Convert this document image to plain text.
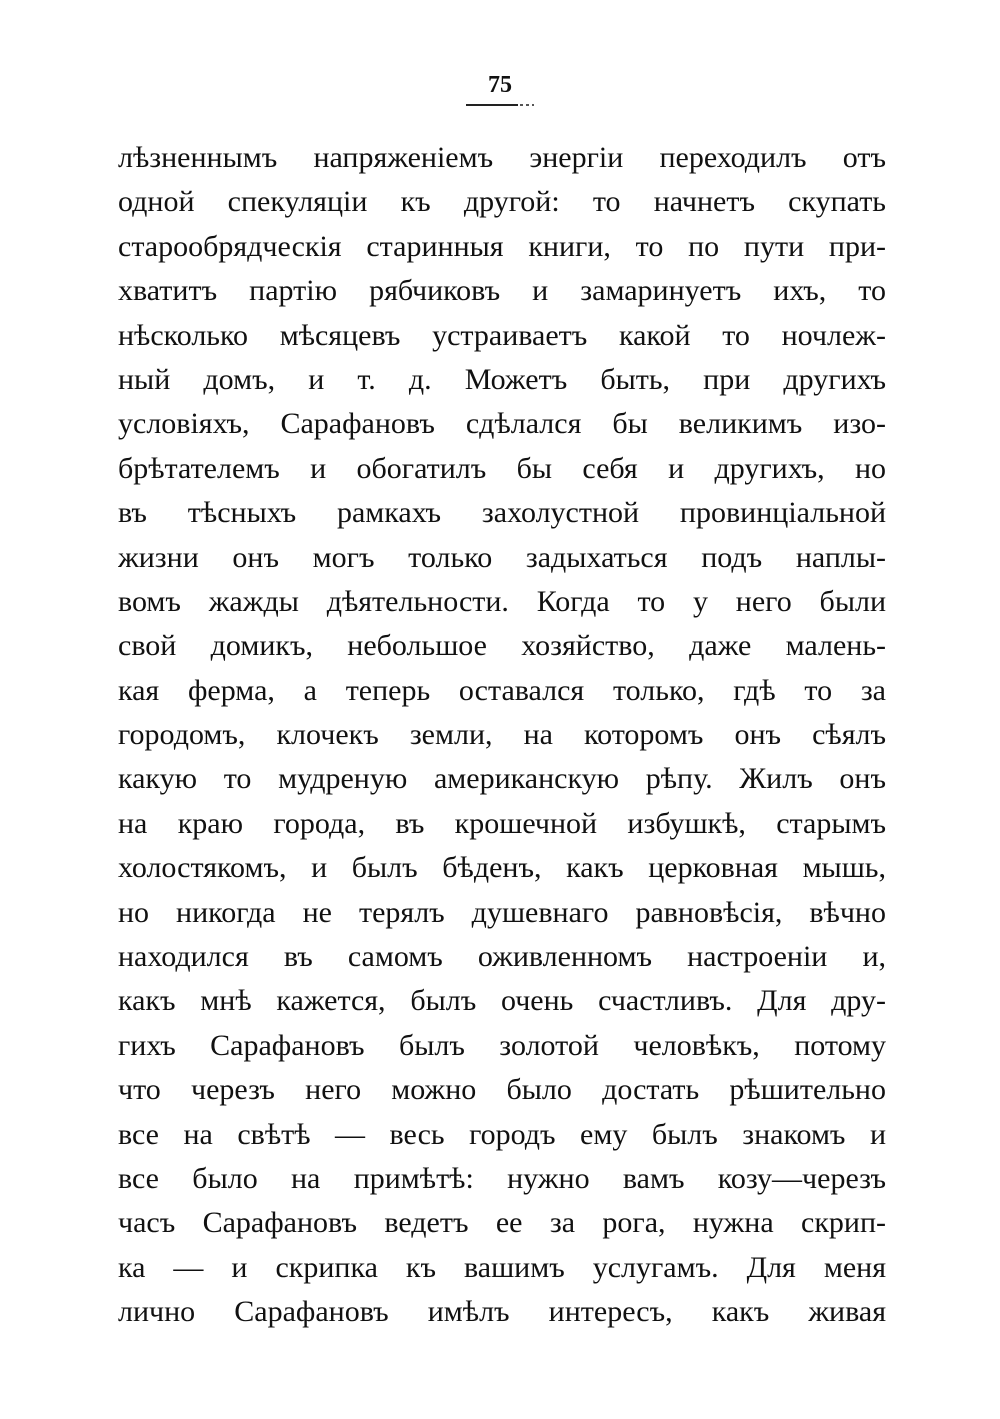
75
лѣзненнымъ напряженіемъ энергіи переходилъ отъ
одной спекуляціи къ другой: то начнетъ скупать
старообрядческія старинныя книги, то по пути при-
хватитъ партію рябчиковъ и замаринуетъ ихъ, то
нѣсколько мѣсяцевъ устраиваетъ какой то ночлеж-
ный домъ, и т. д. Можетъ быть, при другихъ
условіяхъ, Сарафановъ сдѣлался бы великимъ изо-
брѣтателемъ и обогатилъ бы себя и другихъ, но
въ тѣсныхъ рамкахъ захолустной провинціальной
жизни онъ могъ только задыхаться подъ наплы-
вомъ жажды дѣятельности. Когда то у него были
свой домикъ, небольшое хозяйство, даже малень-
кая ферма, а теперь оставался только, гдѣ то за
городомъ, клочекъ земли, на которомъ онъ сѣялъ
какую то мудреную американскую рѣпу. Жилъ онъ
на краю города, въ крошечной избушкѣ, старымъ
холостякомъ, и былъ бѣденъ, какъ церковная мышь,
но никогда не терялъ душевнаго равновѣсія, вѣчно
находился въ самомъ оживленномъ настроеніи и,
какъ мнѣ кажется, былъ очень счастливъ. Для дру-
гихъ Сарафановъ былъ золотой человѣкъ, потому
что черезъ него можно было достать рѣшительно
все на свѣтѣ — весь городъ ему былъ знакомъ и
все было на примѣтѣ: нужно вамъ козу—черезъ
часъ Сарафановъ ведетъ ее за рога, нужна скрип-
ка — и скрипка къ вашимъ услугамъ. Для меня
лично Сарафановъ имѣлъ интересъ, какъ живая
